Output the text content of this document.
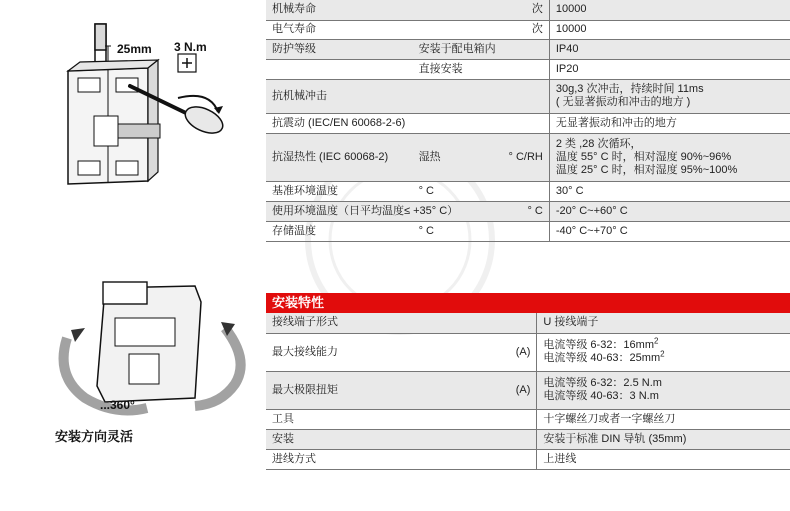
25mm 3 N.m
...360°
安装方向灵活
机械寿命		次	10000
电气寿命		次	10000
防护等级	安装于配电箱内		IP40
	直接安装		IP20
抗机械冲击			30g,3 次冲击，持续时间 11ms
( 无显著振动和冲击的地方 )

抗震动 (IEC/EN 60068-2-6)			无显著振动和冲击的地方
抗湿热性 (IEC 60068-2)	湿热	° C/RH	2 类 ,28 次循环，
温度 55° C 时，相对湿度 90%~96%
温度 25° C 时，相对湿度 95%~100%

基准环境温度	° C		30° C
使用环境温度（日平均温度≤ +35° C）		° C	-20° C~+60° C
存储温度	° C		-40° C~+70° C
安装特性
接线端子形式		U 接线端子
最大接线能力	(A)	电流等级 6-32：$16mm^2$
电流等级 40-63：$25mm^2$

最大极限扭矩	(A)	电流等级 6-32：2.5 N.m
电流等级 40-63：3 N.m

工具		十字螺丝刀或者一字螺丝刀
安装		安装于标准 DIN 导轨 (35mm)
进线方式		上进线
